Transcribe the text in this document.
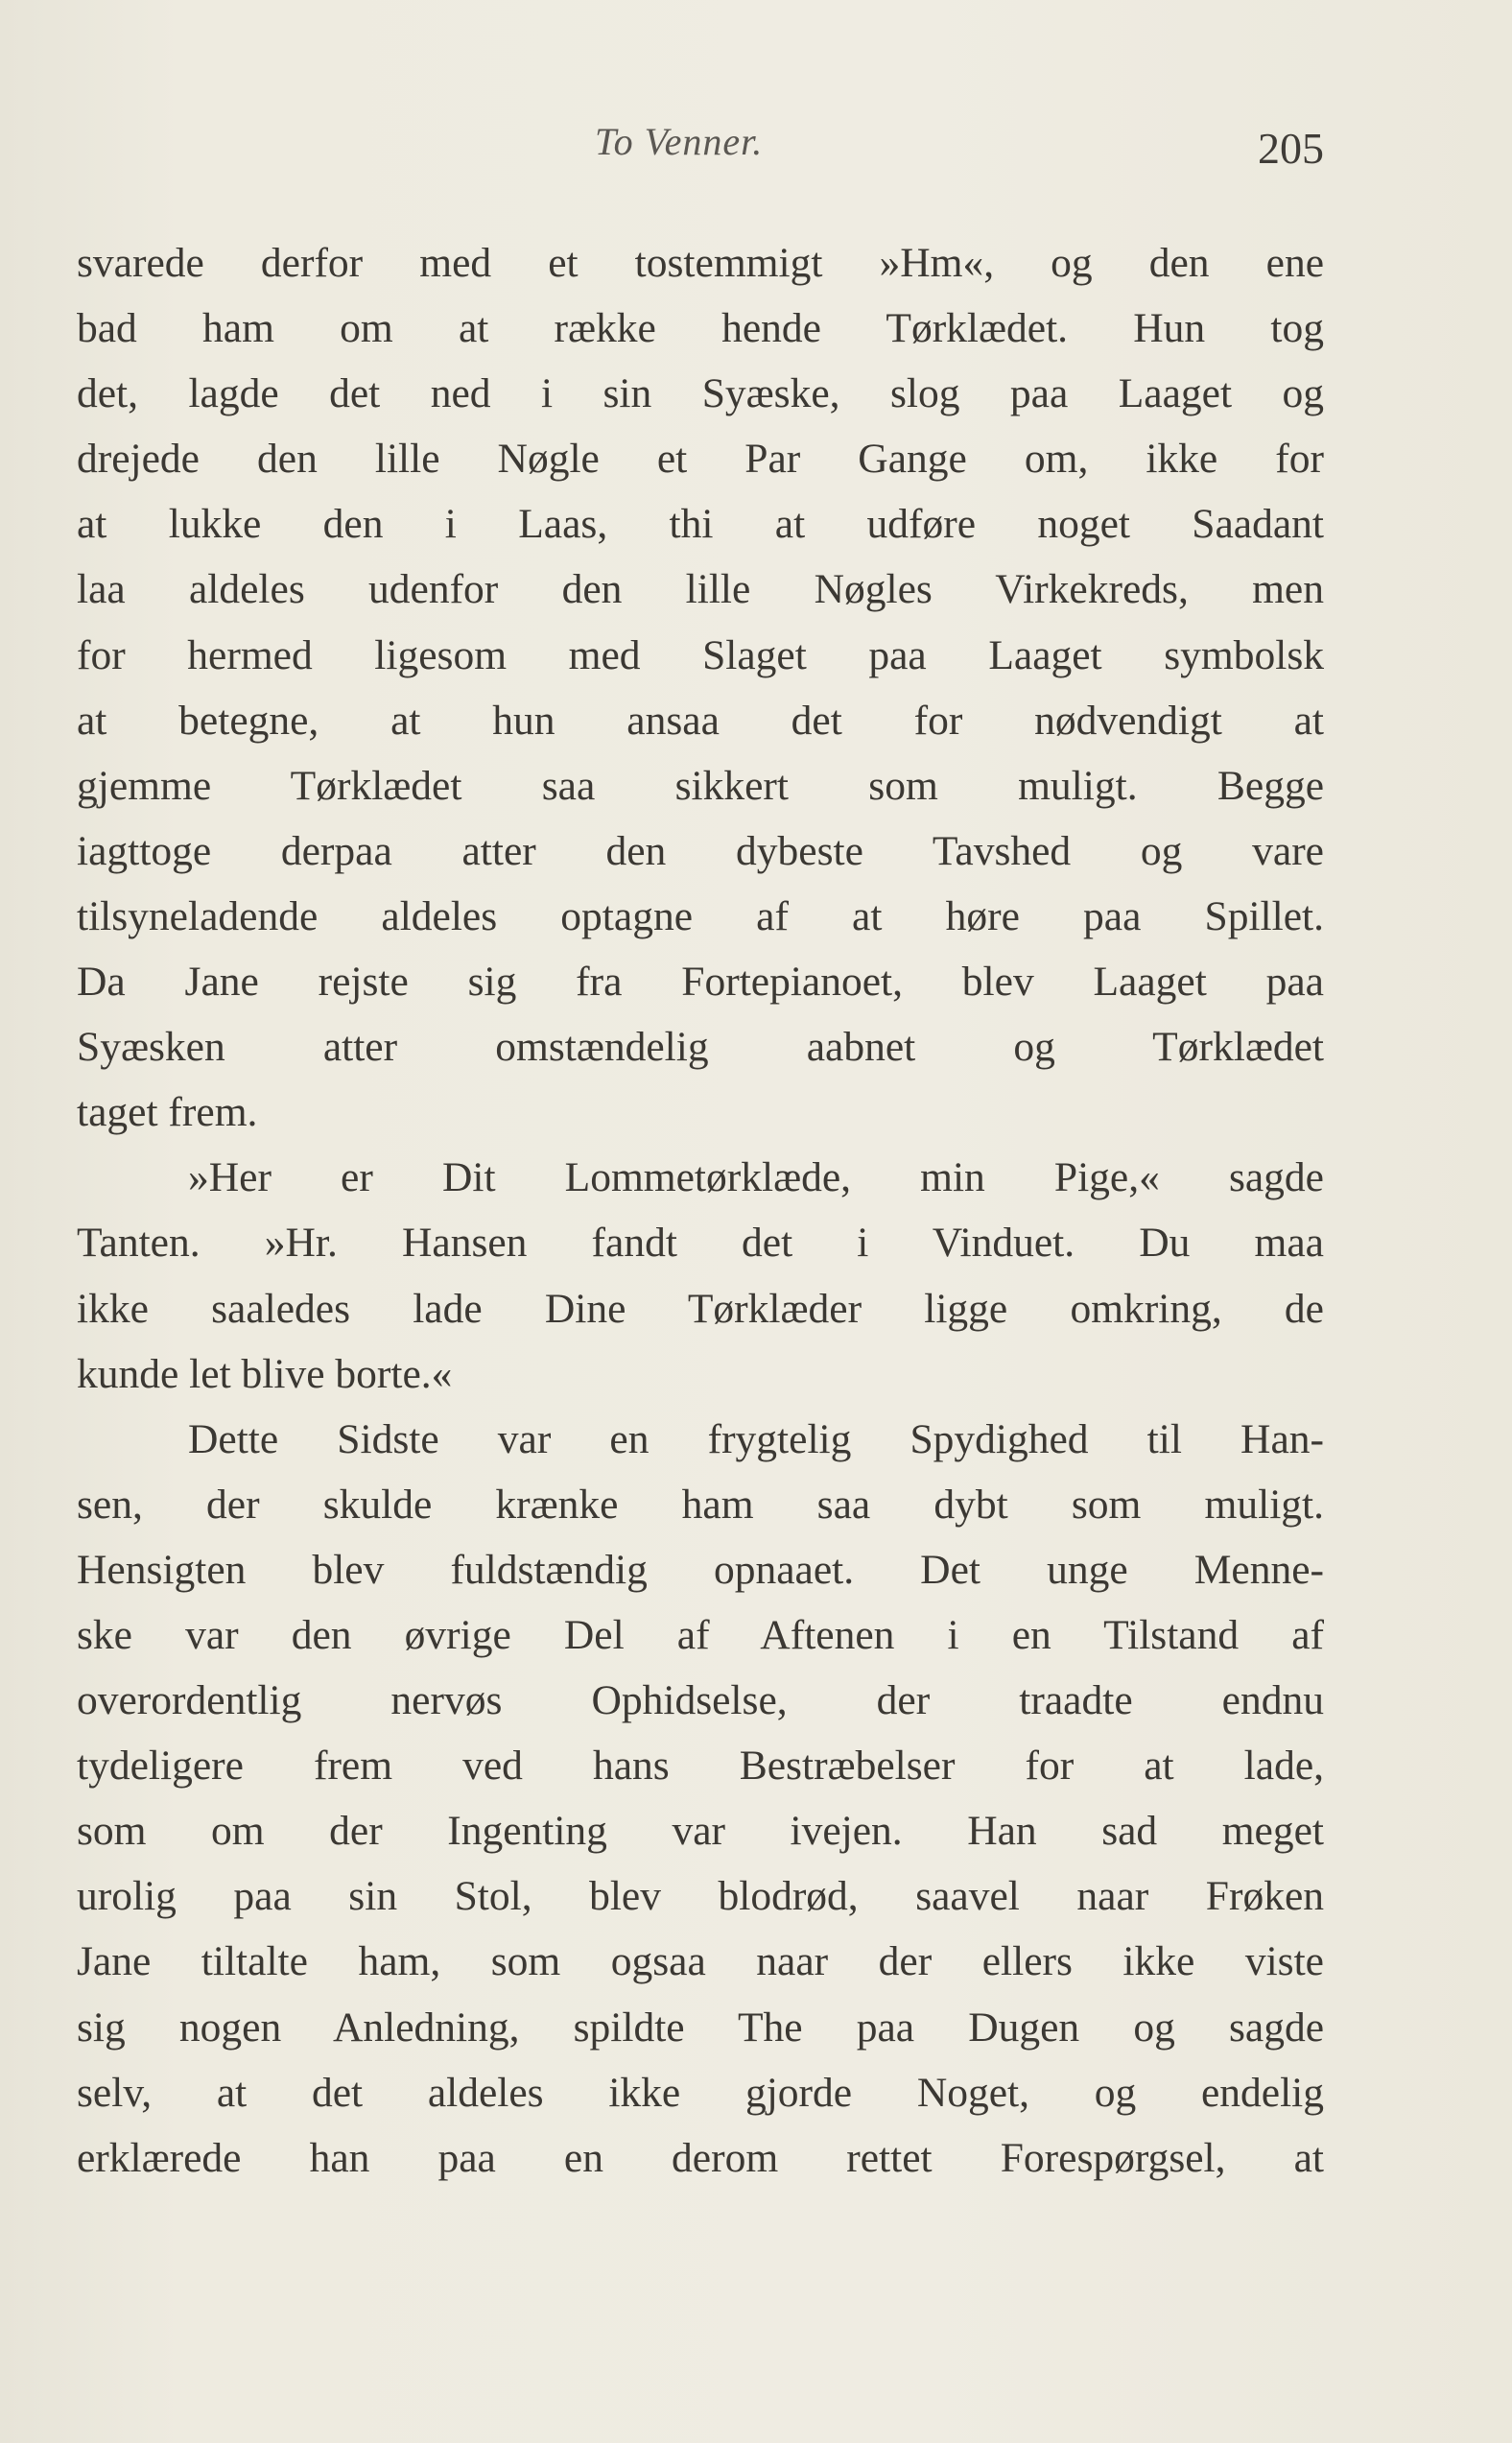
To Venner.	205
svarede derfor med et tostemmigt »Hm«, og den ene
bad ham om at række hende Tørklædet. Hun tog
det, lagde det ned i sin Syæske, slog paa Laaget og
drejede den lille Nøgle et Par Gange om, ikke for
at lukke den i Laas, thi at udføre noget Saadant
laa aldeles udenfor den lille Nøgles Virkekreds, men
for hermed ligesom med Slaget paa Laaget symbolsk
at betegne, at hun ansaa det for nødvendigt at
gjemme Tørklædet saa sikkert som muligt. Begge
iagttoge derpaa atter den dybeste Tavshed og vare
tilsyneladende aldeles optagne af at høre paa Spillet.
Da Jane rejste sig fra Fortepianoet, blev Laaget paa
Syæsken atter omstændelig aabnet og Tørklædet
taget frem.
»Her er Dit Lommetørklæde, min Pige,« sagde
Tanten. »Hr. Hansen fandt det i Vinduet. Du maa
ikke saaledes lade Dine Tørklæder ligge omkring, de
kunde let blive borte.«
Dette Sidste var en frygtelig Spydighed til Han-
sen, der skulde krænke ham saa dybt som muligt.
Hensigten blev fuldstændig opnaaet. Det unge Menne-
ske var den øvrige Del af Aftenen i en Tilstand af
overordentlig nervøs Ophidselse, der traadte endnu
tydeligere frem ved hans Bestræbelser for at lade,
som om der Ingenting var ivejen. Han sad meget
urolig paa sin Stol, blev blodrød, saavel naar Frøken
Jane tiltalte ham, som ogsaa naar der ellers ikke viste
sig nogen Anledning, spildte The paa Dugen og sagde
selv, at det aldeles ikke gjorde Noget, og endelig
erklærede han paa en derom rettet Forespørgsel, at
